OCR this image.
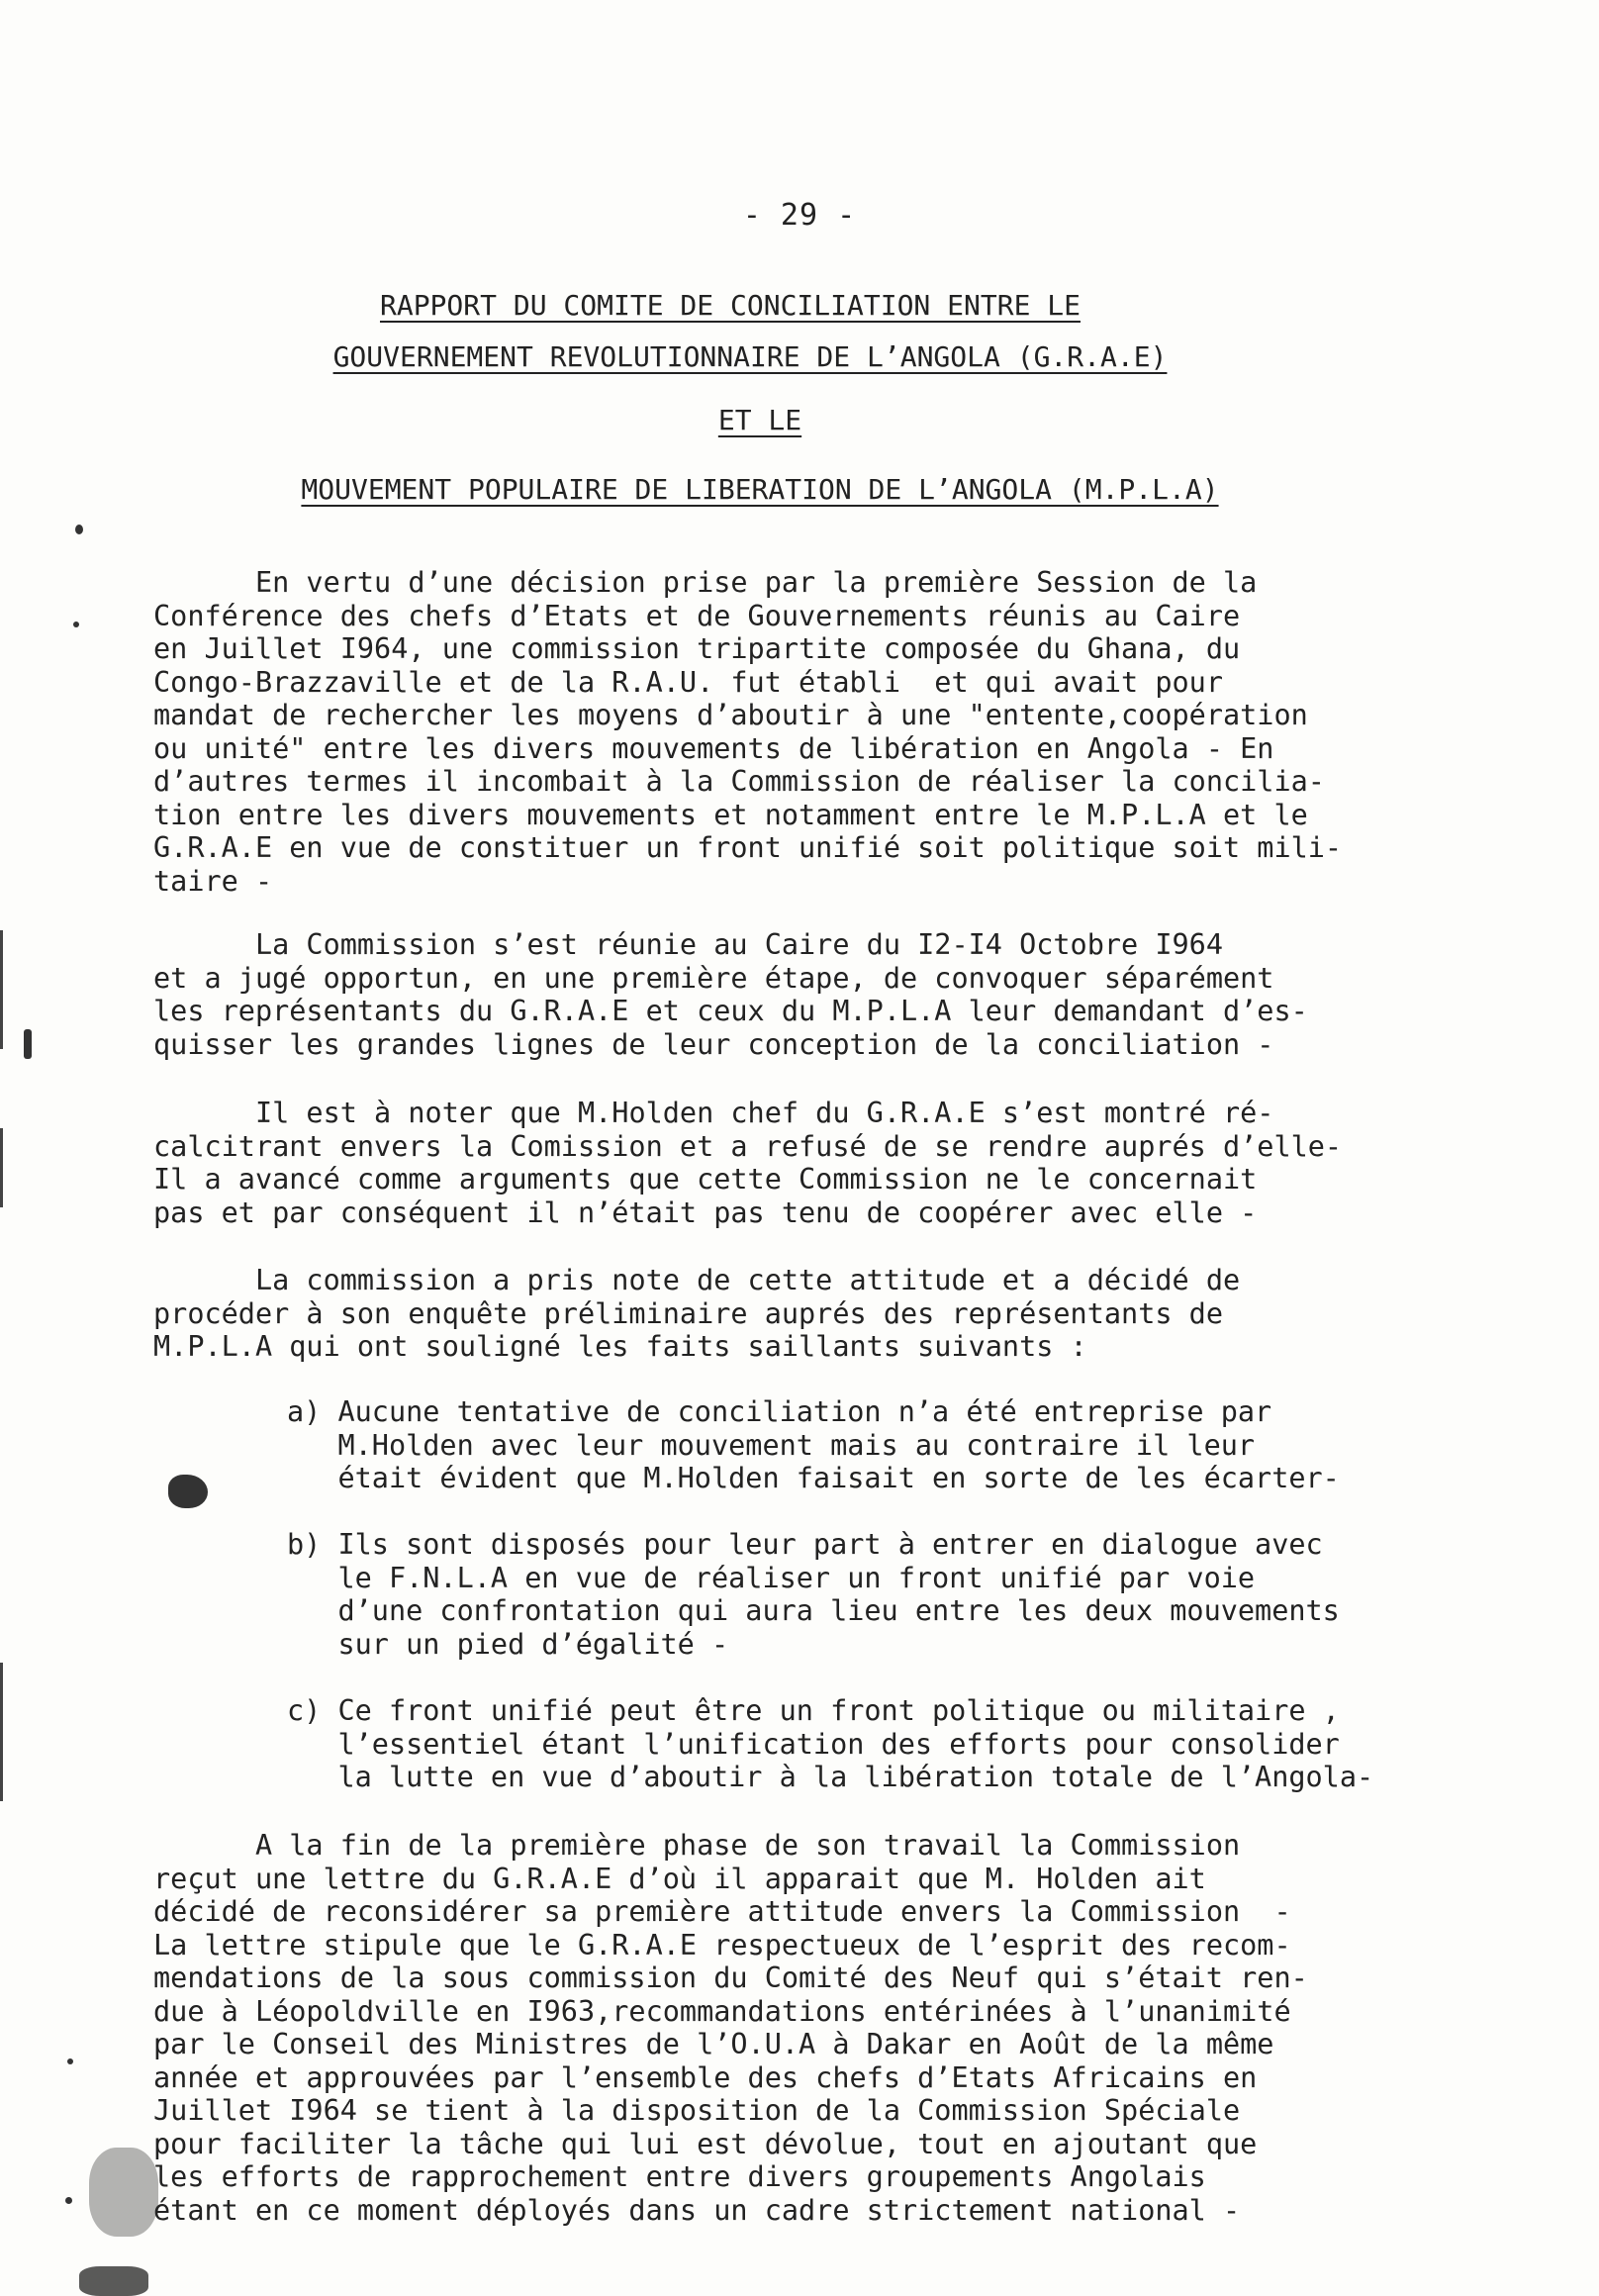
- 29 -
RAPPORT DU COMITE DE CONCILIATION ENTRE LE
GOUVERNEMENT REVOLUTIONNAIRE DE L’ANGOLA (G.R.A.E)
ET LE
MOUVEMENT POPULAIRE DE LIBERATION DE L’ANGOLA (M.P.L.A)

En vertu d’une décision prise par la première Session de la
Conférence des chefs d’Etats et de Gouvernements réunis au Caire
en Juillet I964, une commission tripartite composée du Ghana, du
Congo-Brazzaville et de la R.A.U. fut établi  et qui avait pour
mandat de rechercher les moyens d’aboutir à une "entente,coopération
ou unité" entre les divers mouvements de libération en Angola - En
d’autres termes il incombait à la Commission de réaliser la concilia-
tion entre les divers mouvements et notamment entre le M.P.L.A et le
G.R.A.E en vue de constituer un front unifié soit politique soit mili-
taire -

La Commission s’est réunie au Caire du I2-I4 Octobre I964
et a jugé opportun, en une première étape, de convoquer séparément
les représentants du G.R.A.E et ceux du M.P.L.A leur demandant d’es-
quisser les grandes lignes de leur conception de la conciliation -

Il est à noter que M.Holden chef du G.R.A.E s’est montré ré-
calcitrant envers la Comission et a refusé de se rendre auprés d’elle-
Il a avancé comme arguments que cette Commission ne le concernait
pas et par conséquent il n’était pas tenu de coopérer avec elle -

La commission a pris note de cette attitude et a décidé de
procéder à son enquête préliminaire auprés des représentants de
M.P.L.A qui ont souligné les faits saillants suivants :

a) Aucune tentative de conciliation n’a été entreprise par
M.Holden avec leur mouvement mais au contraire il leur
était évident que M.Holden faisait en sorte de les écarter-

b) Ils sont disposés pour leur part à entrer en dialogue avec
le F.N.L.A en vue de réaliser un front unifié par voie
d’une confrontation qui aura lieu entre les deux mouvements
sur un pied d’égalité -

c) Ce front unifié peut être un front politique ou militaire ,
l’essentiel étant l’unification des efforts pour consolider
la lutte en vue d’aboutir à la libération totale de l’Angola-

A la fin de la première phase de son travail la Commission
reçut une lettre du G.R.A.E d’où il apparait que M. Holden ait
décidé de reconsidérer sa première attitude envers la Commission  -
La lettre stipule que le G.R.A.E respectueux de l’esprit des recom-
mendations de la sous commission du Comité des Neuf qui s’était ren-
due à Léopoldville en I963,recommandations entérinées à l’unanimité
par le Conseil des Ministres de l’O.U.A à Dakar en Août de la même
année et approuvées par l’ensemble des chefs d’Etats Africains en
Juillet I964 se tient à la disposition de la Commission Spéciale
pour faciliter la tâche qui lui est dévolue, tout en ajoutant que
les efforts de rapprochement entre divers groupements Angolais
étant en ce moment déployés dans un cadre strictement national -
